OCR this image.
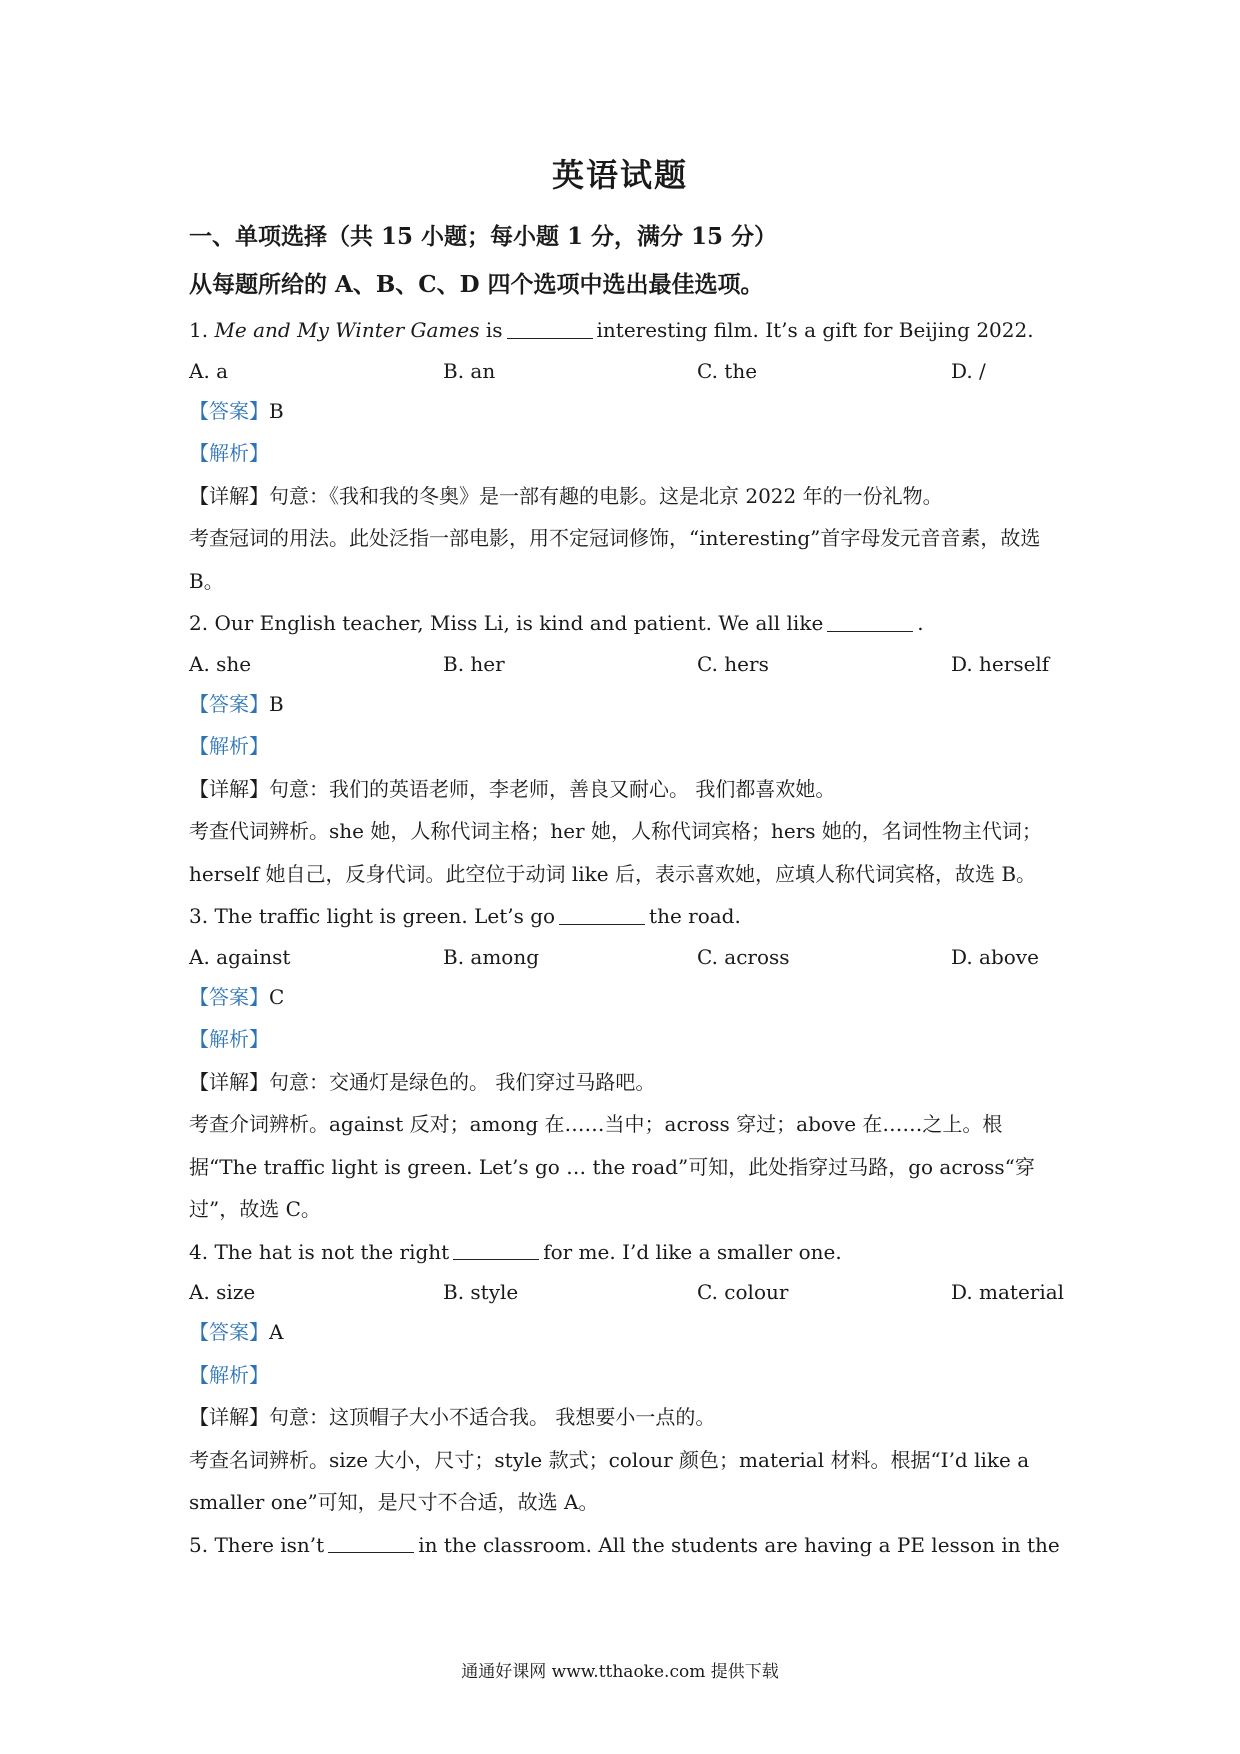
英语试题
一、单项选择（共 15 小题；每小题 1 分，满分 15 分）
从每题所给的 A、B、C、D 四个选项中选出最佳选项。
1. Me and My Winter Games is	interesting film. It’s a gift for Beijing 2022.
A. a	B. an	C. the	D. /
【答案】B
【解析】
【详解】句意：《我和我的冬奥》是一部有趣的电影。这是北京 2022 年的一份礼物。
考查冠词的用法。此处泛指一部电影，用不定冠词修饰，“interesting”首字母发元音音素，故选 B。
2. Our English teacher, Miss Li, is kind and patient. We all like	.
A. she	B. her	C. hers	D. herself
【答案】B
【解析】
【详解】句意：我们的英语老师，李老师，善良又耐心。 我们都喜欢她。
考查代词辨析。she 她，人称代词主格；her 她，人称代词宾格；hers 她的，名词性物主代词；herself 她自己，反身代词。此空位于动词 like 后，表示喜欢她，应填人称代词宾格，故选 B。
3. The traffic light is green. Let’s go	the road.
A. against	B. among	C. across	D. above
【答案】C
【解析】
【详解】句意：交通灯是绿色的。 我们穿过马路吧。
考查介词辨析。against 反对；among 在……当中；across 穿过；above 在……之上。根据“The traffic light is green. Let’s go … the road”可知，此处指穿过马路，go across“穿过”，故选 C。
4. The hat is not the right	for me. I’d like a smaller one.
A. size	B. style	C. colour	D. material
【答案】A
【解析】
【详解】句意：这顶帽子大小不适合我。 我想要小一点的。
考查名词辨析。size 大小，尺寸；style 款式；colour 颜色；material 材料。根据“I’d like a smaller one”可知，是尺寸不合适，故选 A。
5. There isn’t	in the classroom. All the students are having a PE lesson in the
通通好课网 www.tthaoke.com 提供下载
